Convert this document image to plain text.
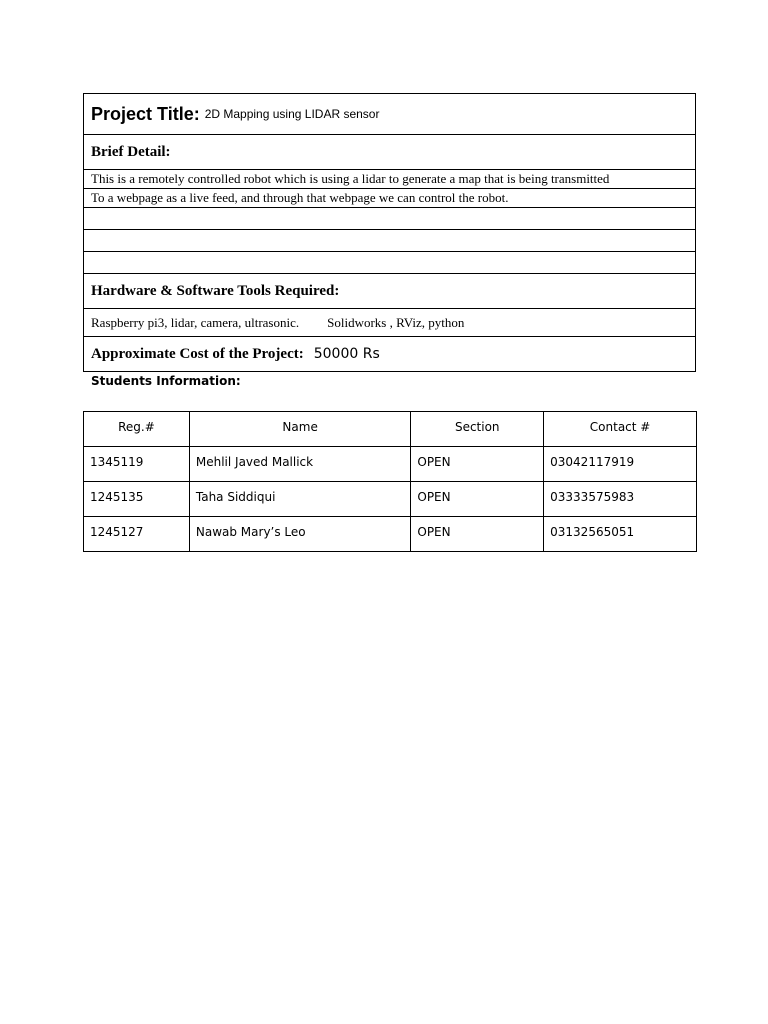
Project Title: 2D Mapping using LIDAR sensor
Brief Detail:
This is a remotely controlled robot which is using a lidar to generate a map that is being transmitted
To a webpage as a live feed, and through that webpage we can control the robot.
Hardware & Software Tools Required:
Raspberry pi3, lidar, camera, ultrasonic. Solidworks , RViz, python
Approximate Cost of the Project: 50000 Rs
Students Information:
Reg.#	Name	Section	Contact #
1345119	Mehlil Javed Mallick	OPEN	03042117919
1245135	Taha Siddiqui	OPEN	03333575983
1245127	Nawab Mary’s Leo	OPEN	03132565051
